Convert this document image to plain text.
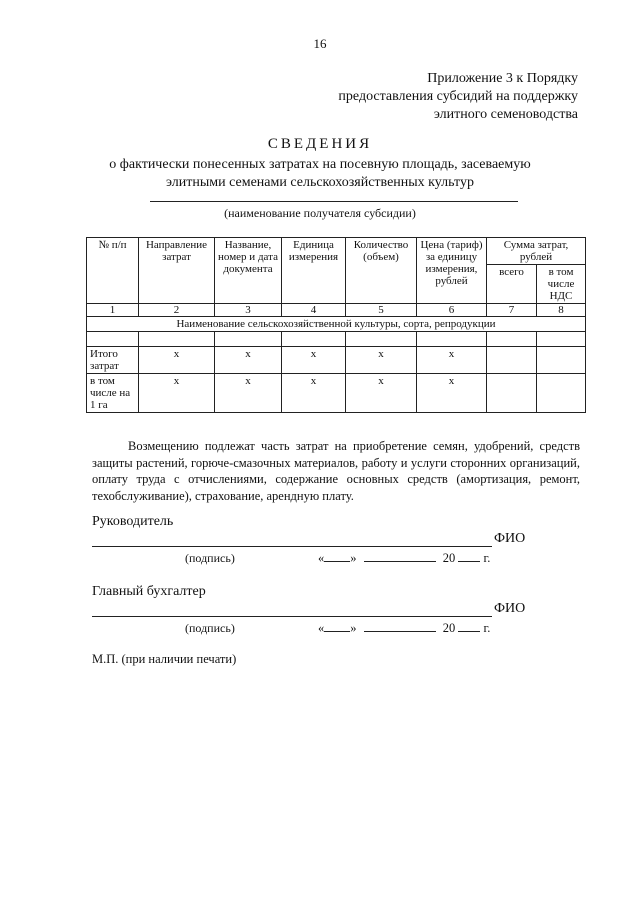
16
Приложение 3 к Порядку
предоставления субсидий на поддержку
элитного семеноводства
СВЕДЕНИЯ
о фактически понесенных затратах на посевную площадь, засеваемую
элитными семенами сельскохозяйственных культур
(наименование получателя субсидии)
№ п/п	Направление затрат	Название, номер и дата документа	Единица измерения	Количество (объем)	Цена (тариф) за единицу измерения, рублей	Сумма затрат, рублей	
						всего	в том числе НДС
1	2	3	4	5	6	7	8
Наименование сельскохозяйственной культуры, сорта, репродукции							

Итого затрат	х	х	х	х	х		
в том числе на 1 га	х	х	х	х	х		
Возмещению подлежат часть затрат на приобретение семян, удобрений, средств защиты растений, горюче-смазочных материалов, работу и услуги сторонних организаций, оплату труда с отчислениями, содержание основных средств (амортизация, ремонт, техобслуживание), страхование, арендную плату.
Руководитель
ФИО
(подпись)	« »	20 г.
Главный бухгалтер
ФИО
(подпись)	« »	20 г.
М.П. (при наличии печати)
